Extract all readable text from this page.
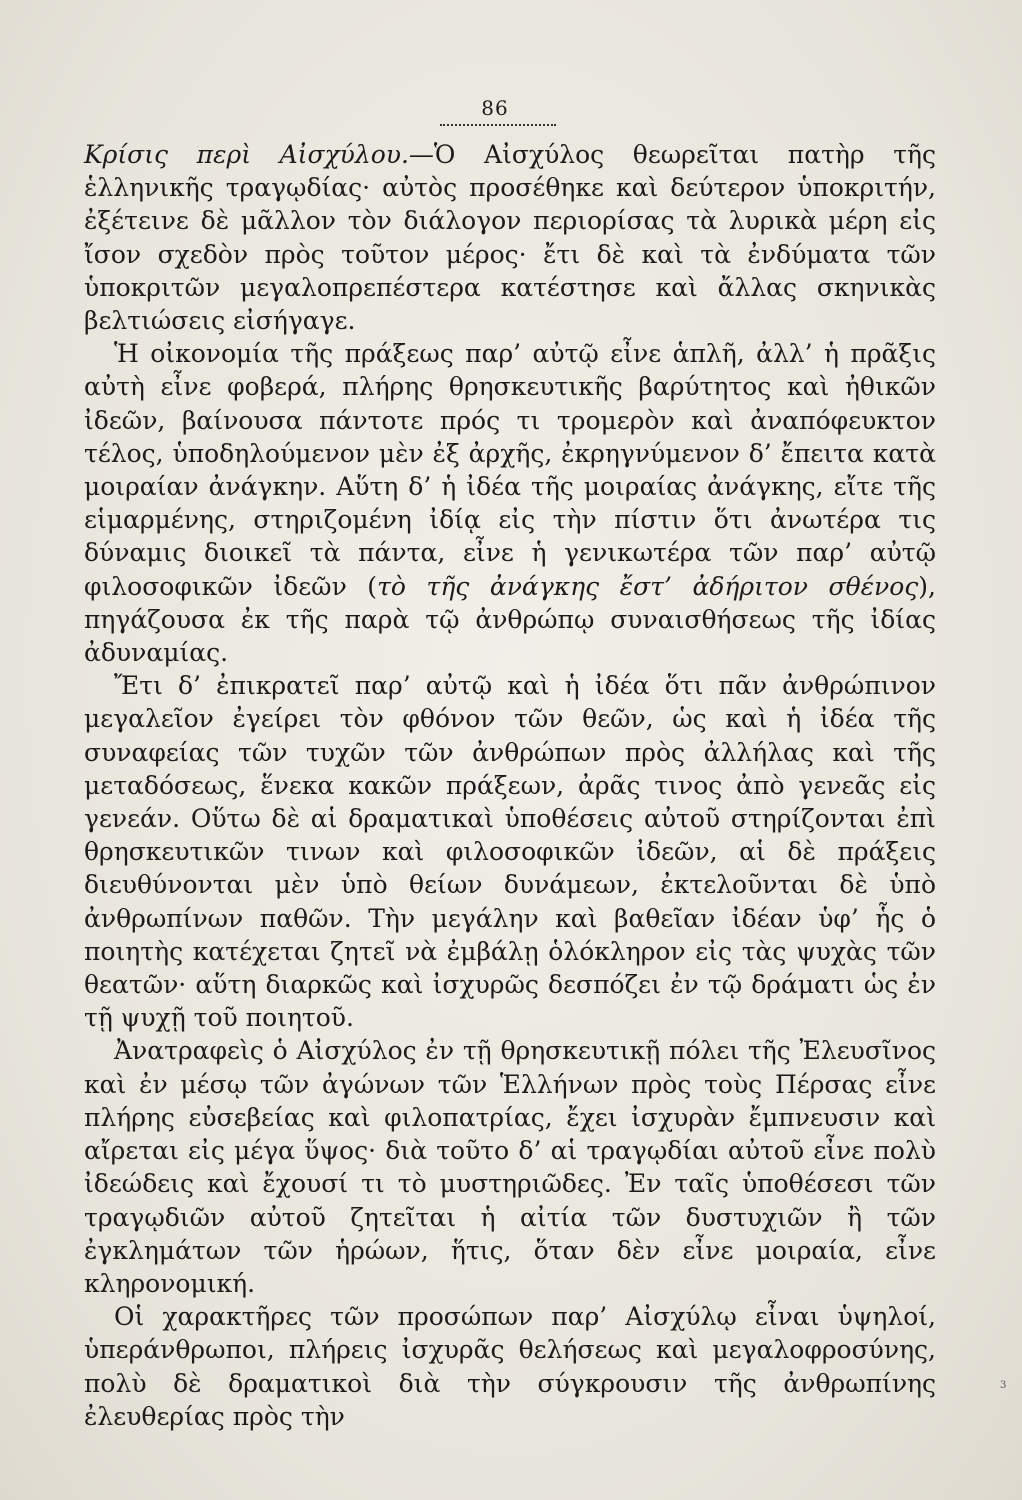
86

Κρίσις περὶ Αἰσχύλου.—Ὁ Αἰσχύλος θεωρεῖται πατὴρ τῆς ἑλληνικῆς τραγῳδίας· αὐτὸς προσέθηκε καὶ δεύτερον ὑποκριτήν, ἐξέτεινε δὲ μᾶλλον τὸν διάλογον περιορίσας τὰ λυρικὰ μέρη εἰς ἴσον σχεδὸν πρὸς τοῦτον μέρος· ἔτι δὲ καὶ τὰ ἐνδύματα τῶν ὑποκριτῶν μεγαλοπρεπέστερα κατέστησε καὶ ἄλλας σκηνικὰς βελτιώσεις εἰσήγαγε.

Ἡ οἰκονομία τῆς πράξεως παρ’ αὐτῷ εἶνε ἁπλῆ, ἀλλ’ ἡ πρᾶξις αὐτὴ εἶνε φοβερά, πλήρης θρησκευτικῆς βαρύτητος καὶ ἠθικῶν ἰδεῶν, βαίνουσα πάντοτε πρός τι τρομερὸν καὶ ἀναπόφευκτον τέλος, ὑποδηλούμενον μὲν ἐξ ἀρχῆς, ἐκρηγνύμενον δ’ ἔπειτα κατὰ μοιραίαν ἀνάγκην. Αὕτη δ’ ἡ ἰδέα τῆς μοιραίας ἀνάγκης, εἴτε τῆς εἱμαρμένης, στηριζομένη ἰδίᾳ εἰς τὴν πίστιν ὅτι ἀνωτέρα τις δύναμις διοικεῖ τὰ πάντα, εἶνε ἡ γενικωτέρα τῶν παρ’ αὐτῷ φιλοσοφικῶν ἰδεῶν (τὸ τῆς ἀνάγκης ἔστ’ ἀδήριτον σθένος), πηγάζουσα ἐκ τῆς παρὰ τῷ ἀνθρώπῳ συναισθήσεως τῆς ἰδίας ἀδυναμίας.

Ἔτι δ’ ἐπικρατεῖ παρ’ αὐτῷ καὶ ἡ ἰδέα ὅτι πᾶν ἀνθρώπινον μεγαλεῖον ἐγείρει τὸν φθόνον τῶν θεῶν, ὡς καὶ ἡ ἰδέα τῆς συναφείας τῶν τυχῶν τῶν ἀνθρώπων πρὸς ἀλλήλας καὶ τῆς μεταδόσεως, ἕνεκα κακῶν πράξεων, ἀρᾶς τινος ἀπὸ γενεᾶς εἰς γενεάν. Οὕτω δὲ αἱ δραματικαὶ ὑποθέσεις αὐτοῦ στηρίζονται ἐπὶ θρησκευτικῶν τινων καὶ φιλοσοφικῶν ἰδεῶν, αἱ δὲ πράξεις διευθύνονται μὲν ὑπὸ θείων δυνάμεων, ἐκτελοῦνται δὲ ὑπὸ ἀνθρωπίνων παθῶν. Τὴν μεγάλην καὶ βαθεῖαν ἰδέαν ὑφ’ ἧς ὁ ποιητὴς κατέχεται ζητεῖ νὰ ἐμβάλῃ ὁλόκληρον εἰς τὰς ψυχὰς τῶν θεατῶν· αὕτη διαρκῶς καὶ ἰσχυρῶς δεσπόζει ἐν τῷ δράματι ὡς ἐν τῇ ψυχῇ τοῦ ποιητοῦ.

Ἀνατραφεὶς ὁ Αἰσχύλος ἐν τῇ θρησκευτικῇ πόλει τῆς Ἐλευσῖνος καὶ ἐν μέσῳ τῶν ἀγώνων τῶν Ἑλλήνων πρὸς τοὺς Πέρσας εἶνε πλήρης εὐσεβείας καὶ φιλοπατρίας, ἔχει ἰσχυρὰν ἔμπνευσιν καὶ αἴρεται εἰς μέγα ὕψος· διὰ τοῦτο δ’ αἱ τραγῳδίαι αὐτοῦ εἶνε πολὺ ἰδεώδεις καὶ ἔχουσί τι τὸ μυστηριῶδες. Ἐν ταῖς ὑποθέσεσι τῶν τραγῳδιῶν αὐτοῦ ζητεῖται ἡ αἰτία τῶν δυστυχιῶν ἢ τῶν ἐγκλημάτων τῶν ἡρώων, ἥτις, ὅταν δὲν εἶνε μοιραία, εἶνε κληρονομική.

Οἱ χαρακτῆρες τῶν προσώπων παρ’ Αἰσχύλῳ εἶναι ὑψηλοί, ὑπεράνθρωποι, πλήρεις ἰσχυρᾶς θελήσεως καὶ μεγαλοφροσύνης, πολὺ δὲ δραματικοὶ διὰ τὴν σύγκρουσιν τῆς ἀνθρωπίνης ἐλευθερίας πρὸς τὴν

3
